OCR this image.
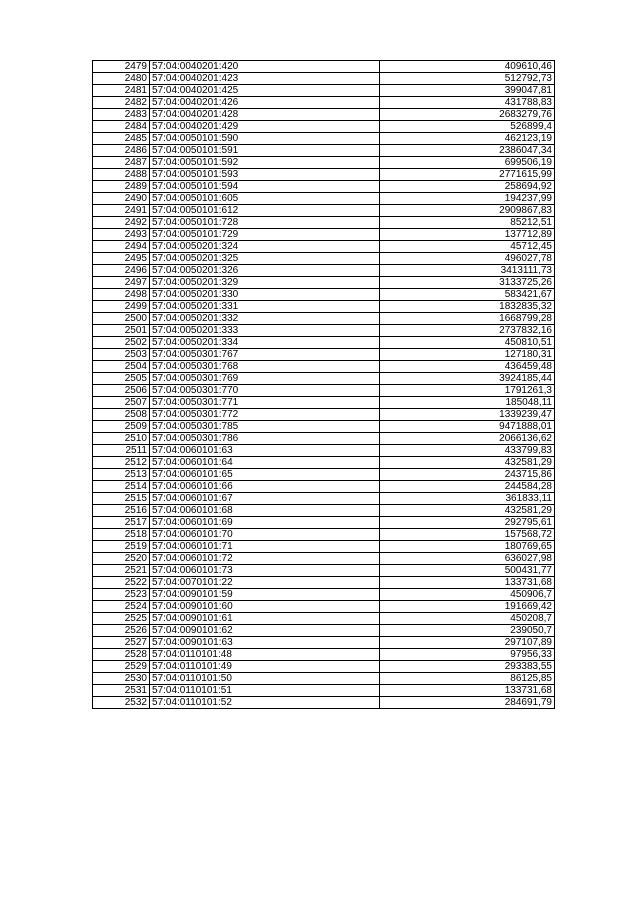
2479	57:04:0040201:420	409610,46
2480	57:04:0040201:423	512792,73
2481	57:04:0040201:425	399047,81
2482	57:04:0040201:426	431788,83
2483	57:04:0040201:428	2683279,76
2484	57:04:0040201:429	526899,4
2485	57:04:0050101:590	462123,19
2486	57:04:0050101:591	2386047,34
2487	57:04:0050101:592	699506,19
2488	57:04:0050101:593	2771615,99
2489	57:04:0050101:594	258694,92
2490	57:04:0050101:605	194237,99
2491	57:04:0050101:612	2909867,83
2492	57:04:0050101:728	85212,51
2493	57:04:0050101:729	137712,89
2494	57:04:0050201:324	45712,45
2495	57:04:0050201:325	496027,78
2496	57:04:0050201:326	3413111,73
2497	57:04:0050201:329	3133725,26
2498	57:04:0050201:330	583421,67
2499	57:04:0050201:331	1832835,32
2500	57:04:0050201:332	1668799,28
2501	57:04:0050201:333	2737832,16
2502	57:04:0050201:334	450810,51
2503	57:04:0050301:767	127180,31
2504	57:04:0050301:768	436459,48
2505	57:04:0050301:769	3924185,44
2506	57:04:0050301:770	1791261,3
2507	57:04:0050301:771	185048,11
2508	57:04:0050301:772	1339239,47
2509	57:04:0050301:785	9471888,01
2510	57:04:0050301:786	2066136,62
2511	57:04:0060101:63	433799,83
2512	57:04:0060101:64	432581,29
2513	57:04:0060101:65	243715,86
2514	57:04:0060101:66	244584,28
2515	57:04:0060101:67	361833,11
2516	57:04:0060101:68	432581,29
2517	57:04:0060101:69	292795,61
2518	57:04:0060101:70	157568,72
2519	57:04:0060101:71	180769,65
2520	57:04:0060101:72	636027,98
2521	57:04:0060101:73	500431,77
2522	57:04:0070101:22	133731,68
2523	57:04:0090101:59	450906,7
2524	57:04:0090101:60	191669,42
2525	57:04:0090101:61	450208,7
2526	57:04:0090101:62	239050,7
2527	57:04:0090101:63	297107,89
2528	57:04:0110101:48	97956,33
2529	57:04:0110101:49	293383,55
2530	57:04:0110101:50	86125,85
2531	57:04:0110101:51	133731,68
2532	57:04:0110101:52	284691,79
